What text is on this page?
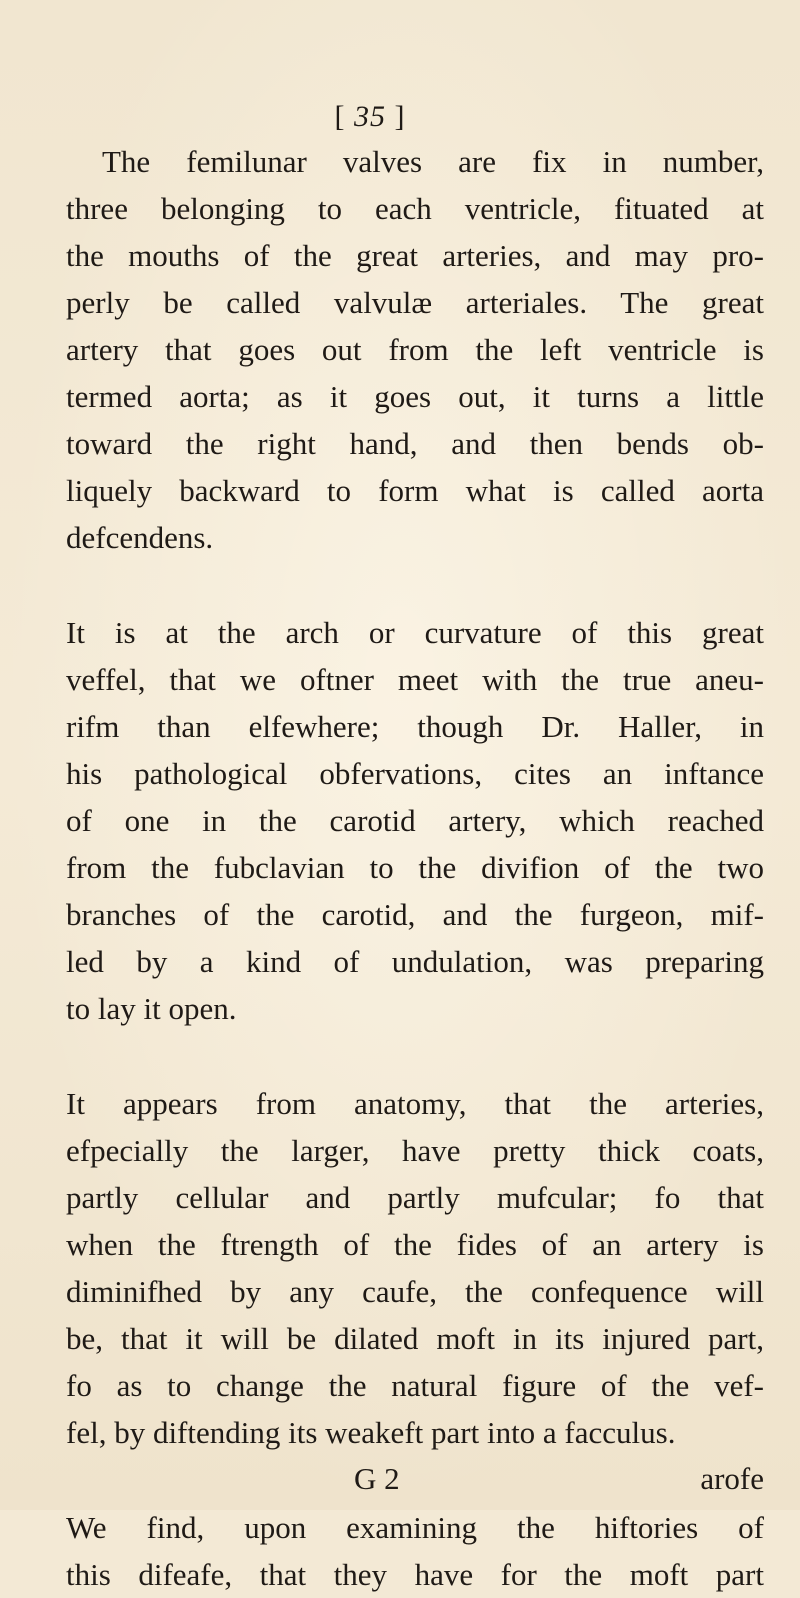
[ 35 ]
The femilunar valves are fix in number,
three belonging to each ventricle, fituated at
the mouths of the great arteries, and may pro-
perly be called valvulæ arteriales. The great
artery that goes out from the left ventricle is
termed aorta; as it goes out, it turns a little
toward the right hand, and then bends ob-
liquely backward to form what is called aorta
defcendens.
It is at the arch or curvature of this great
veffel, that we oftner meet with the true aneu-
rifm than elfewhere; though Dr. Haller, in
his pathological obfervations, cites an inftance
of one in the carotid artery, which reached
from the fubclavian to the divifion of the two
branches of the carotid, and the furgeon, mif-
led by a kind of undulation, was preparing
to lay it open.
It appears from anatomy, that the arteries,
efpecially the larger, have pretty thick coats,
partly cellular and partly mufcular; fo that
when the ftrength of the fides of an artery is
diminifhed by any caufe, the confequence will
be, that it will be dilated moft in its injured part,
fo as to change the natural figure of the vef-
fel, by diftending its weakeft part into a facculus.
We find, upon examining the hiftories of
this difeafe, that they have for the moft part
G 2	arofe
